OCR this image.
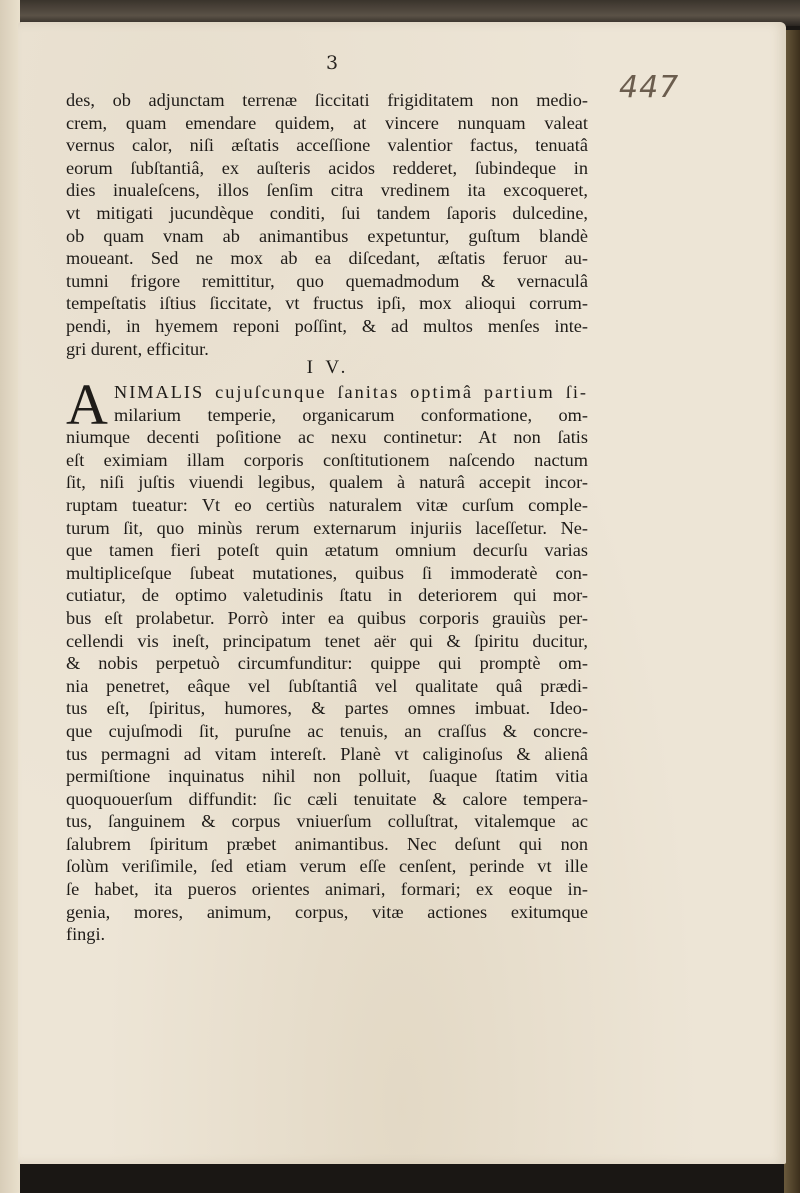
3
447
des, ob adjunctam terrenæ ſiccitati frigiditatem non medio-
crem, quam emendare quidem, at vincere nunquam valeat
vernus calor, niſi æſtatis acceſſione valentior factus, tenuatâ
eorum ſubſtantiâ, ex auſteris acidos redderet, ſubindeque in
dies inualeſcens, illos ſenſim citra vredinem ita excoqueret,
vt mitigati jucundèque conditi, ſui tandem ſaporis dulcedine,
ob quam vnam ab animantibus expetuntur, guſtum blandè
moueant. Sed ne mox ab ea diſcedant, æſtatis feruor au-
tumni frigore remittitur, quo quemadmodum & vernaculâ
tempeſtatis iſtius ſiccitate, vt fructus ipſi, mox alioqui corrum-
pendi, in hyemem reponi poſſint, & ad multos menſes inte-
gri durent, efficitur.
I V.
A NIMALIS cujuſcunque ſanitas optimâ partium ſi-
milarium temperie, organicarum conformatione, om-
niumque decenti poſitione ac nexu continetur: At non ſatis
eſt eximiam illam corporis conſtitutionem naſcendo nactum
ſit, niſi juſtis viuendi legibus, qualem à naturâ accepit incor-
ruptam tueatur: Vt eo certiùs naturalem vitæ curſum comple-
turum ſit, quo minùs rerum externarum injuriis laceſſetur. Ne-
que tamen fieri poteſt quin ætatum omnium decurſu varias
multipliceſque ſubeat mutationes, quibus ſi immoderatè con-
cutiatur, de optimo valetudinis ſtatu in deteriorem qui mor-
bus eſt prolabetur. Porrò inter ea quibus corporis grauiùs per-
cellendi vis ineſt, principatum tenet aër qui & ſpiritu ducitur,
& nobis perpetuò circumfunditur: quippe qui promptè om-
nia penetret, eâque vel ſubſtantiâ vel qualitate quâ prædi-
tus eſt, ſpiritus, humores, & partes omnes imbuat. Ideo-
que cujuſmodi ſit, puruſne ac tenuis, an craſſus & concre-
tus permagni ad vitam intereſt. Planè vt caliginoſus & alienâ
permiſtione inquinatus nihil non polluit, ſuaque ſtatim vitia
quoquouerſum diffundit: ſic cæli tenuitate & calore tempera-
tus, ſanguinem & corpus vniuerſum colluſtrat, vitalemque ac
ſalubrem ſpiritum præbet animantibus. Nec deſunt qui non
ſolùm veriſimile, ſed etiam verum eſſe cenſent, perinde vt ille
ſe habet, ita pueros orientes animari, formari; ex eoque in-
genia, mores, animum, corpus, vitæ actiones exitumque
fingi.
